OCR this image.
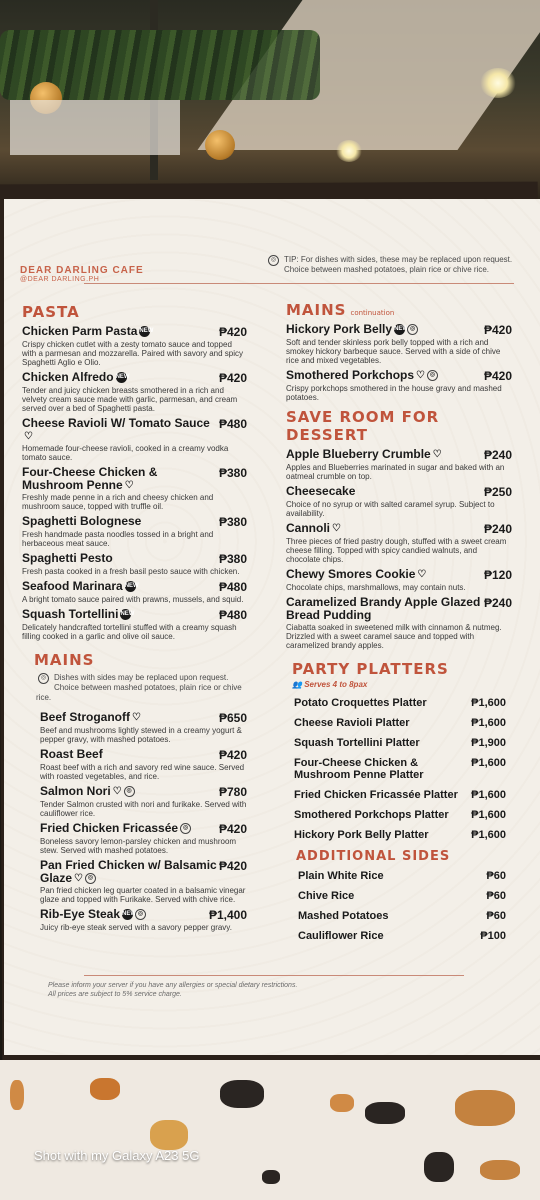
DEAR DARLING CAFE
@DEAR DARLING.PH
◎ TIP: For dishes with sides, these may be replaced upon request. Choice between mashed potatoes, plain rice or chive rice.
PASTA
Chicken Parm Pasta NEW	₱420
Crispy chicken cutlet with a zesty tomato sauce and topped with a parmesan and mozzarella. Paired with savory and spicy Spaghetti Aglio e Olio.
Chicken Alfredo NEW	₱420
Tender and juicy chicken breasts smothered in a rich and velvety cream sauce made with garlic, parmesan, and cream served over a bed of Spaghetti pasta.
Cheese Ravioli W/ Tomato Sauce♡
₱480
Homemade four-cheese ravioli, cooked in a creamy vodka tomato sauce.
Four-Cheese Chicken & Mushroom Penne ♡
₱380
Freshly made penne in a rich and cheesy chicken and mushroom sauce, topped with truffle oil.
Spaghetti Bolognese	₱380
Fresh handmade pasta noodles tossed in a bright and herbaceous meat sauce.
Spaghetti Pesto	₱380
Fresh pasta cooked in a fresh basil pesto sauce with chicken.
Seafood Marinara NEW	₱480
A bright tomato sauce paired with prawns, mussels, and squid.
Squash Tortellini NEW	₱480
Delicately handcrafted tortellini stuffed with a creamy squash filling cooked in a garlic and olive oil sauce.
MAINS
◎ Dishes with sides may be replaced upon request. Choice between mashed potatoes, plain rice or chive rice.
Beef Stroganoff ♡	₱650
Beef and mushrooms lightly stewed in a creamy yogurt & pepper gravy, with mashed potatoes.
Roast Beef	₱420
Roast beef with a rich and savory red wine sauce. Served with roasted vegetables, and rice.
Salmon Nori ♡ ◎	₱780
Tender Salmon crusted with nori and furikake. Served with cauliflower rice.
Fried Chicken Fricassée ◎	₱420
Boneless savory lemon-parsley chicken and mushroom stew. Served with mashed potatoes.
Pan Fried Chicken w/ Balsamic Glaze ♡ ◎
₱420
Pan fried chicken leg quarter coated in a balsamic vinegar glaze and topped with Furikake. Served with chive rice.
Rib-Eye Steak NEW ◎	₱1,400
Juicy rib-eye steak served with a savory pepper gravy.
MAINS continuation
Hickory Pork Belly NEW ◎	₱420
Soft and tender skinless pork belly topped with a rich and smokey hickory barbeque sauce. Served with a side of chive rice and mixed vegetables.
Smothered Porkchops ♡ ◎	₱420
Crispy porkchops smothered in the house gravy and mashed potatoes.
SAVE ROOM FOR DESSERT
Apple Blueberry Crumble ♡	₱240
Apples and Blueberries marinated in sugar and baked with an oatmeal crumble on top.
Cheesecake	₱250
Choice of no syrup or with salted caramel syrup. Subject to availability.
Cannoli ♡	₱240
Three pieces of fried pastry dough, stuffed with a sweet cream cheese filling. Topped with spicy candied walnuts, and chocolate chips.
Chewy Smores Cookie ♡	₱120
Chocolate chips, marshmallows, may contain nuts.
Caramelized Brandy Apple Glazed Bread Pudding
₱240
Ciabatta soaked in sweetened milk with cinnamon & nutmeg. Drizzled with a sweet caramel sauce and topped with caramelized brandy apples.
PARTY PLATTERS
👥 Serves 4 to 8pax
Potato Croquettes Platter	₱1,600
Cheese Ravioli Platter	₱1,600
Squash Tortellini Platter	₱1,900
Four-Cheese Chicken & Mushroom Penne Platter
₱1,600
Fried Chicken Fricassée Platter ₱1,600
Smothered Porkchops Platter ₱1,600
Hickory Pork Belly Platter	₱1,600
ADDITIONAL SIDES
Plain White Rice	₱60
Chive Rice	₱60
Mashed Potatoes	₱60
Cauliflower Rice	₱100
Please inform your server if you have any allergies or special dietary restrictions.
All prices are subject to 5% service charge.
Shot with my Galaxy A23 5G
